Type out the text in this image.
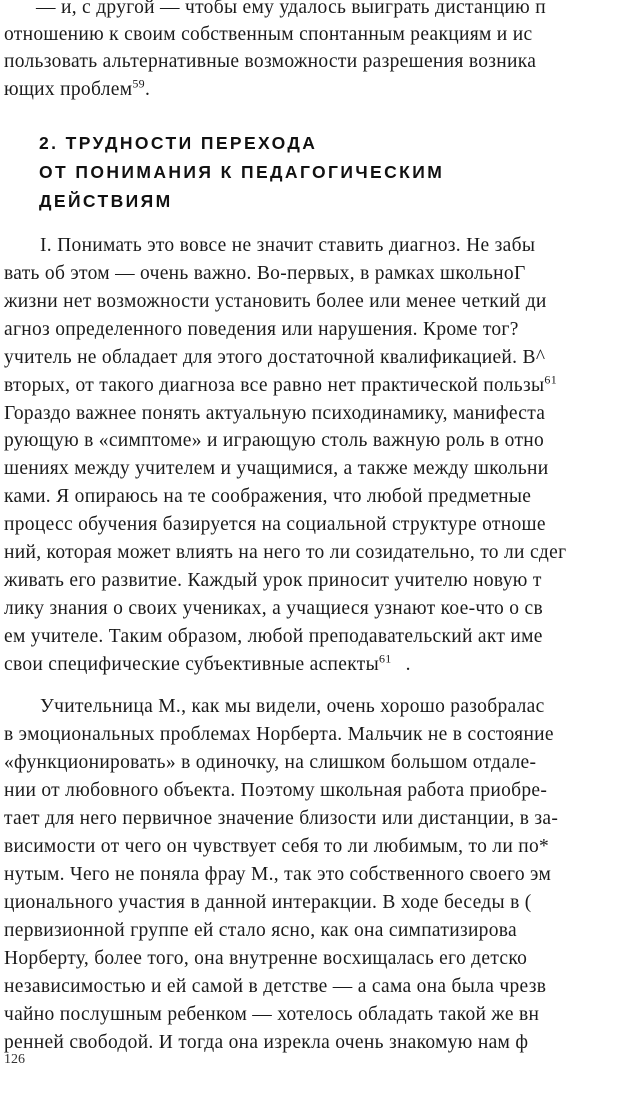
— и, с другой — чтобы ему удалось выиграть дистанцию п
отношению к своим собственным спонтанным реакциям и ис
пользовать альтернативные возможности разрешения возника
ющих проблем$^{59}$.
2. ТРУДНОСТИ ПЕРЕХОДА
ОТ ПОНИМАНИЯ К ПЕДАГОГИЧЕСКИМ
ДЕЙСТВИЯМ
I. Понимать это вовсе не значит ставить диагноз. Не забы
вать об этом — очень важно. Во-первых, в рамках школьноГ
жизни нет возможности установить более или менее четкий ди
агноз определенного поведения или нарушения. Кроме тог?
учитель не обладает для этого достаточной квалификацией. В^
вторых, от такого диагноза все равно нет практической пользы$^{61}$
Гораздо важнее понять актуальную психодинамику, манифеста
рующую в «симптоме» и играющую столь важную роль в отно
шениях между учителем и учащимися, а также между школьни
ками. Я опираюсь на те соображения, что любой предметные
процесс обучения базируется на социальной структуре отноше
ний, которая может влиять на него то ли созидательно, то ли сдег
живать его развитие. Каждый урок приносит учителю новую т
лику знания о своих учениках, а учащиеся узнают кое-что о св
ем учителе. Таким образом, любой преподавательский акт име
свои специфические субъективные аспекты$^{61}$ .
Учительница М., как мы видели, очень хорошо разобралас
в эмоциональных проблемах Норберта. Мальчик не в состояние
«функционировать» в одиночку, на слишком большом отдале-
нии от любовного объекта. Поэтому школьная работа приобре-
тает для него первичное значение близости или дистанции, в за-
висимости от чего он чувствует себя то ли любимым, то ли по*
нутым. Чего не поняла фрау М., так это собственного своего эм
ционального участия в данной интеракции. В ходе беседы в (
первизионной группе ей стало ясно, как она симпатизирова
Норберту, более того, она внутренне восхищалась его детско
независимостью и ей самой в детстве — а сама она была чрезв
чайно послушным ребенком — хотелось обладать такой же вн
ренней свободой. И тогда она изрекла очень знакомую нам ф
126
